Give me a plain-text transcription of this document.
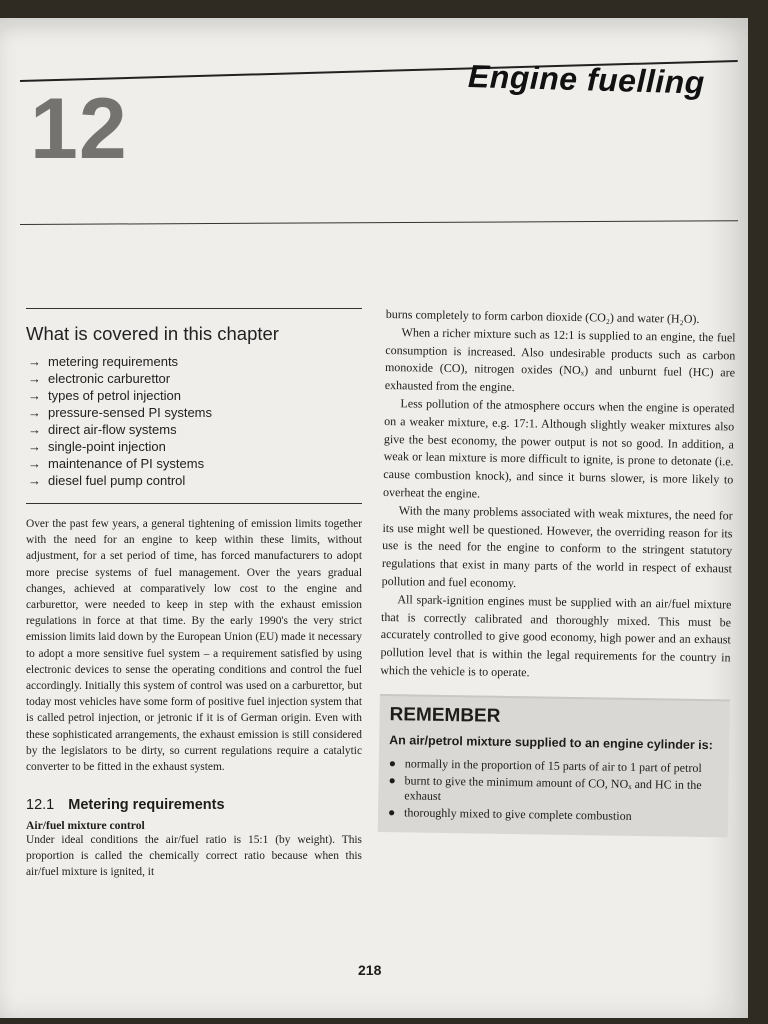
12
Engine fuelling
What is covered in this chapter
→ metering requirements
→ electronic carburettor
→ types of petrol injection
→ pressure-sensed PI systems
→ direct air-flow systems
→ single-point injection
→ maintenance of PI systems
→ diesel fuel pump control

Over the past few years, a general tightening of emission limits together with the need for an engine to keep within these limits, without adjustment, for a set period of time, has forced manufacturers to adopt more precise systems of fuel management. Over the years gradual changes, achieved at comparatively low cost to the engine and carburettor, were needed to keep in step with the exhaust emission regulations in force at that time. By the early 1990's the very strict emission limits laid down by the European Union (EU) made it necessary to adopt a more sensitive fuel system – a requirement satisfied by using electronic devices to sense the operating conditions and control the fuel accordingly. Initially this system of control was used on a carburettor, but today most vehicles have some form of positive fuel injection system that is called petrol injection, or jetronic if it is of German origin. Even with these sophisticated arrangements, the exhaust emission is still considered by the legislators to be dirty, so current regulations require a catalytic converter to be fitted in the exhaust system.

12.1 Metering requirements

Air/fuel mixture control

Under ideal conditions the air/fuel ratio is 15:1 (by weight). This proportion is called the chemically correct ratio because when this air/fuel mixture is ignited, it

burns completely to form carbon dioxide (CO₂) and water (H₂O).

When a richer mixture such as 12:1 is supplied to an engine, the fuel consumption is increased. Also undesirable products such as carbon monoxide (CO), nitrogen oxides (NOₓ) and unburnt fuel (HC) are exhausted from the engine.

Less pollution of the atmosphere occurs when the engine is operated on a weaker mixture, e.g. 17:1. Although slightly weaker mixtures also give the best economy, the power output is not so good. In addition, a weak or lean mixture is more difficult to ignite, is prone to detonate (i.e. cause combustion knock), and since it burns slower, is more likely to overheat the engine.

With the many problems associated with weak mixtures, the need for its use might well be questioned. However, the overriding reason for its use is the need for the engine to conform to the stringent statutory regulations that exist in many parts of the world in respect of exhaust pollution and fuel economy.

All spark-ignition engines must be supplied with an air/fuel mixture that is correctly calibrated and thoroughly mixed. This must be accurately controlled to give good economy, high power and an exhaust pollution level that is within the legal requirements for the country in which the vehicle is to operate.

REMEMBER
An air/petrol mixture supplied to an engine cylinder is:
● normally in the proportion of 15 parts of air to 1 part of petrol
● burnt to give the minimum amount of CO, NOₓ and HC in the exhaust
● thoroughly mixed to give complete combustion
218
